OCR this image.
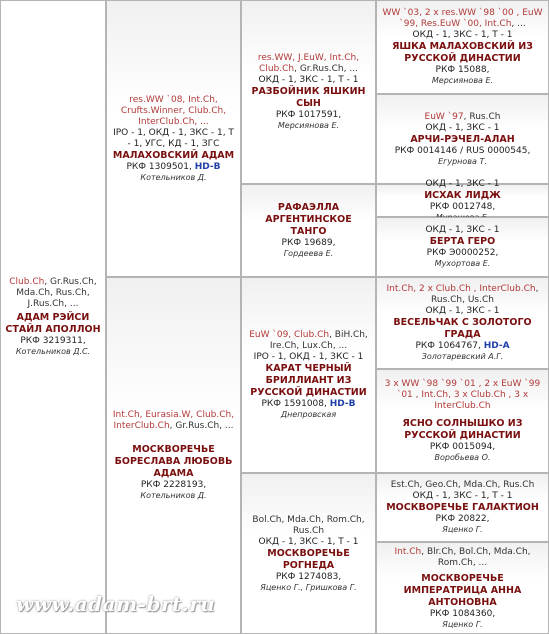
Club.Ch, Gr.Rus.Ch, Mda.Ch, Rus.Ch, J.Rus.Ch, ...
АДАМ РЭЙСИ СТАЙЛ АПОЛЛОН
РКФ 3219311,
Котельников Д.С.
res.WW `08, Int.Ch, Crufts.Winner, Club.Ch, InterClub.Ch, ...
IPO - 1, ОКД - 1, ЗКС - 1, Т - 1, УГС, КД - 1, ЗГС
МАЛАХОВСКИЙ АДАМ
РКФ 1309501, HD-B
Котельников Д.
Int.Ch, Eurasia.W, Club.Ch, InterClub.Ch, Gr.Rus.Ch, ...
МОСКВОРЕЧЬЕ БОРЕСЛАВА ЛЮБОВЬ АДАМА
РКФ 2228193,
Котельников Д.
res.WW, J.EuW, Int.Ch, Club.Ch, Gr.Rus.Ch, ...
ОКД - 1, ЗКС - 1, Т - 1
РАЗБОЙНИК ЯШКИН СЫН
РКФ 1017591,
Мерсиянова Е.
РАФАЭЛЛА АРГЕНТИНСКОЕ ТАНГО
РКФ 19689,
Гордеева Е.
EuW `09, Club.Ch, BiH.Ch, Ire.Ch, Lux.Ch, ...
IPO - 1, ОКД - 1, ЗКС - 1
КАРАТ ЧЕРНЫЙ БРИЛЛИАНТ ИЗ РУССКОЙ ДИНАСТИИ
РКФ 1591008, HD-B
Днепровская
Bol.Ch, Mda.Ch, Rom.Ch, Rus.Ch
ОКД - 1, ЗКС - 1, Т - 1
МОСКВОРЕЧЬЕ РОГНЕДА
РКФ 1274083,
Яценко Г., Гришкова Г.
WW `03, 2 x res.WW `98 `00 , EuW `99, Res.EuW `00, Int.Ch, ...
ОКД - 1, ЗКС - 1, Т - 1
ЯШКА МАЛАХОВСКИЙ ИЗ РУССКОЙ ДИНАСТИИ
РКФ 15088,
Мерсиянова Е.
EuW `97, Rus.Ch
ОКД - 1, ЗКС - 1
АРЧИ-РЭЧЕЛ-АЛАН
РКФ 0014146 / RUS 0000545,
Егурнова Т.
ОКД - 1, ЗКС - 1
ИСХАК ЛИДЖ
РКФ 0012748,
ОКД - 1, ЗКС - 1
БЕРТА ГЕРО
РКФ Э0000252,
Мухортова Е.
Int.Ch, 2 x Club.Ch , InterClub.Ch, Rus.Ch, Us.Ch
ОКД - 1, ЗКС - 1
ВЕСЕЛЬЧАК С ЗОЛОТОГО ГРАДА
РКФ 1064767, HD-A
Золотаревский А.Г.
3 x WW `98 `99 `01 , 2 x EuW `99 `01 , Int.Ch, 3 x Club.Ch , 3 x InterClub.Ch
ЯСНО СОЛНЫШКО ИЗ РУССКОЙ ДИНАСТИИ
РКФ 0015094,
Воробьева О.
Est.Ch, Geo.Ch, Mda.Ch, Rus.Ch
ОКД - 1, ЗКС - 1, Т - 1
МОСКВОРЕЧЬЕ ГАЛАКТИОН
РКФ 20822,
Яценко Г.
Int.Ch, Blr.Ch, Bol.Ch, Mda.Ch, Rom.Ch, ...
МОСКВОРЕЧЬЕ ИМПЕРАТРИЦА АННА АНТОНОВНА
РКФ 1084360,
Яценко Г.
www.adam-brt.ru
